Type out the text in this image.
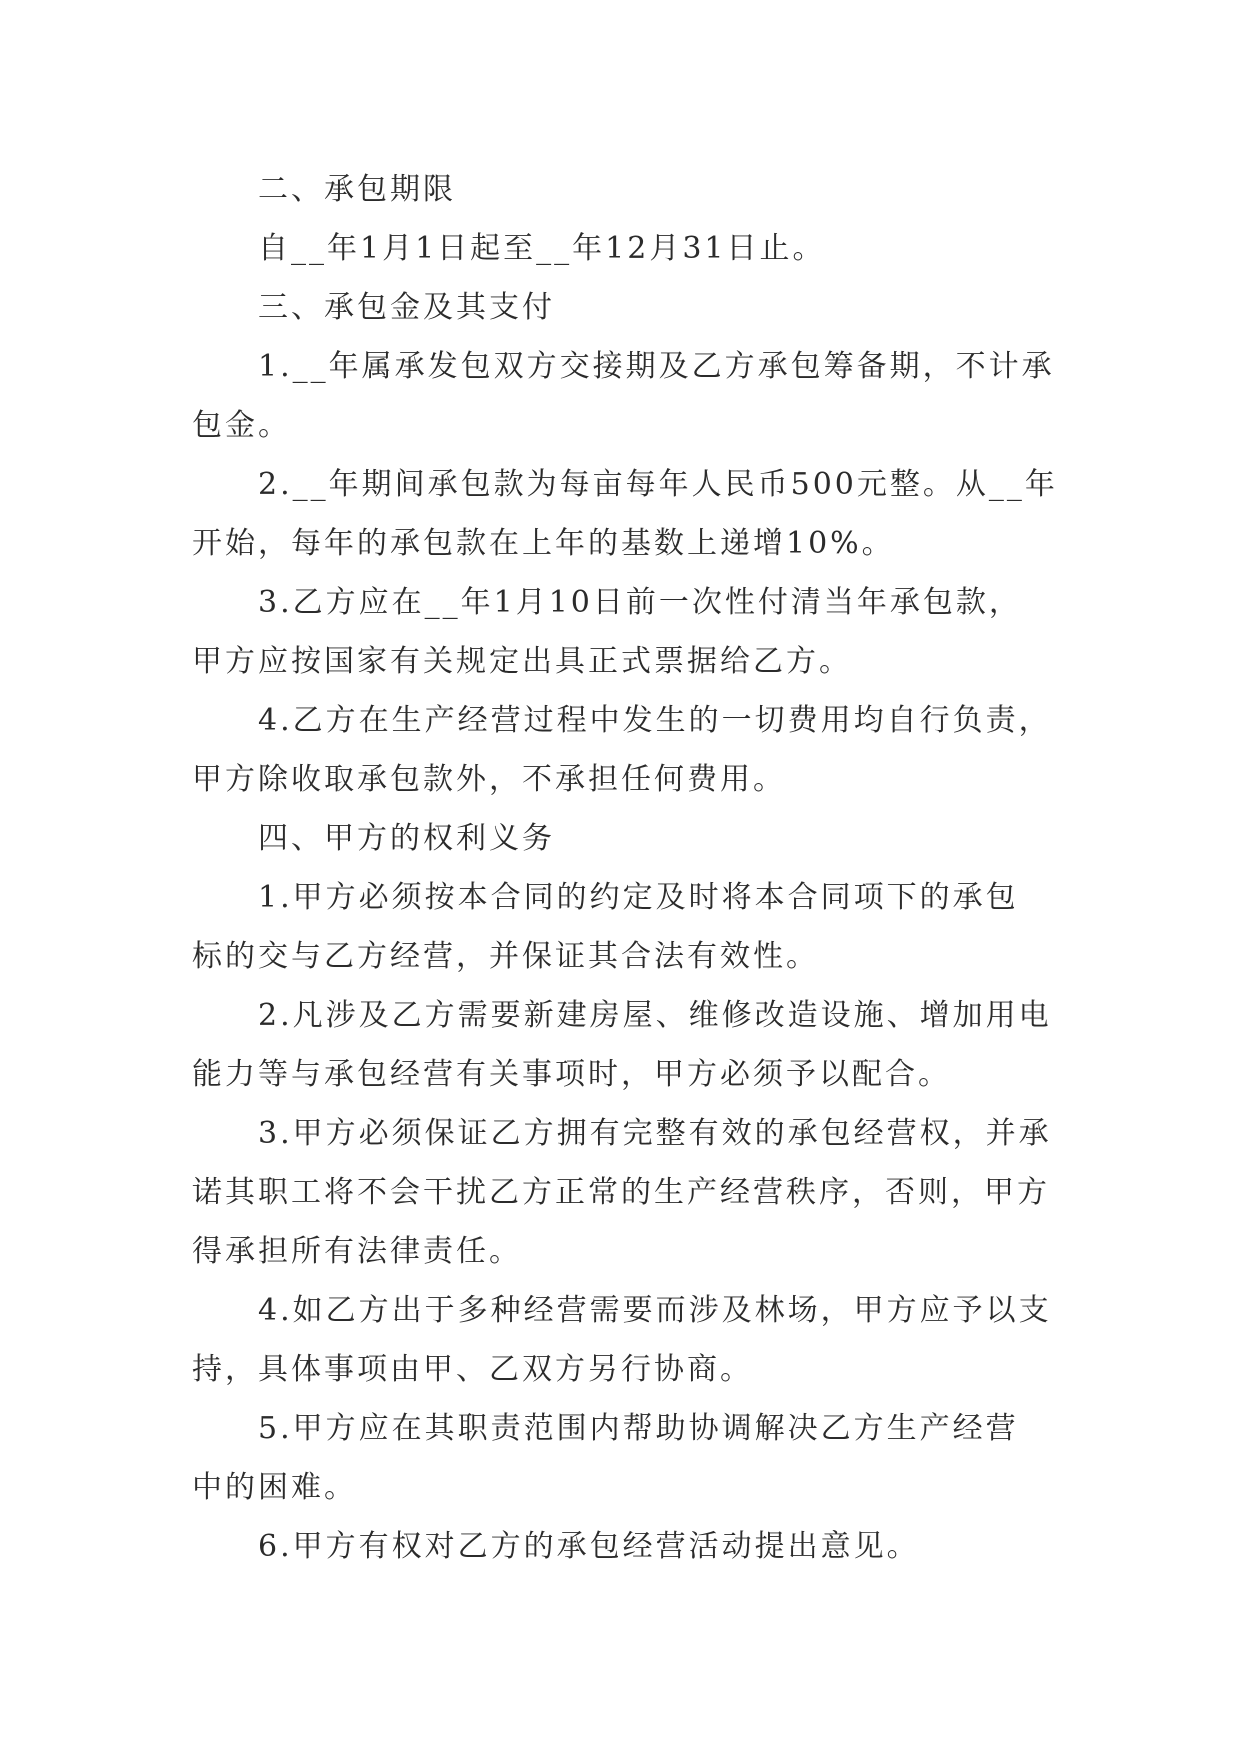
二、承包期限
自__年1月1日起至__年12月31日止。
三、承包金及其支付
1.__年属承发包双方交接期及乙方承包筹备期，不计承
包金。
2.__年期间承包款为每亩每年人民币500元整。从__年
开始，每年的承包款在上年的基数上递增10%。
3.乙方应在__年1月10日前一次性付清当年承包款，
甲方应按国家有关规定出具正式票据给乙方。
4.乙方在生产经营过程中发生的一切费用均自行负责，
甲方除收取承包款外，不承担任何费用。
四、甲方的权利义务
1.甲方必须按本合同的约定及时将本合同项下的承包
标的交与乙方经营，并保证其合法有效性。
2.凡涉及乙方需要新建房屋、维修改造设施、增加用电
能力等与承包经营有关事项时，甲方必须予以配合。
3.甲方必须保证乙方拥有完整有效的承包经营权，并承
诺其职工将不会干扰乙方正常的生产经营秩序，否则，甲方
得承担所有法律责任。
4.如乙方出于多种经营需要而涉及林场，甲方应予以支
持，具体事项由甲、乙双方另行协商。
5.甲方应在其职责范围内帮助协调解决乙方生产经营
中的困难。
6.甲方有权对乙方的承包经营活动提出意见。
